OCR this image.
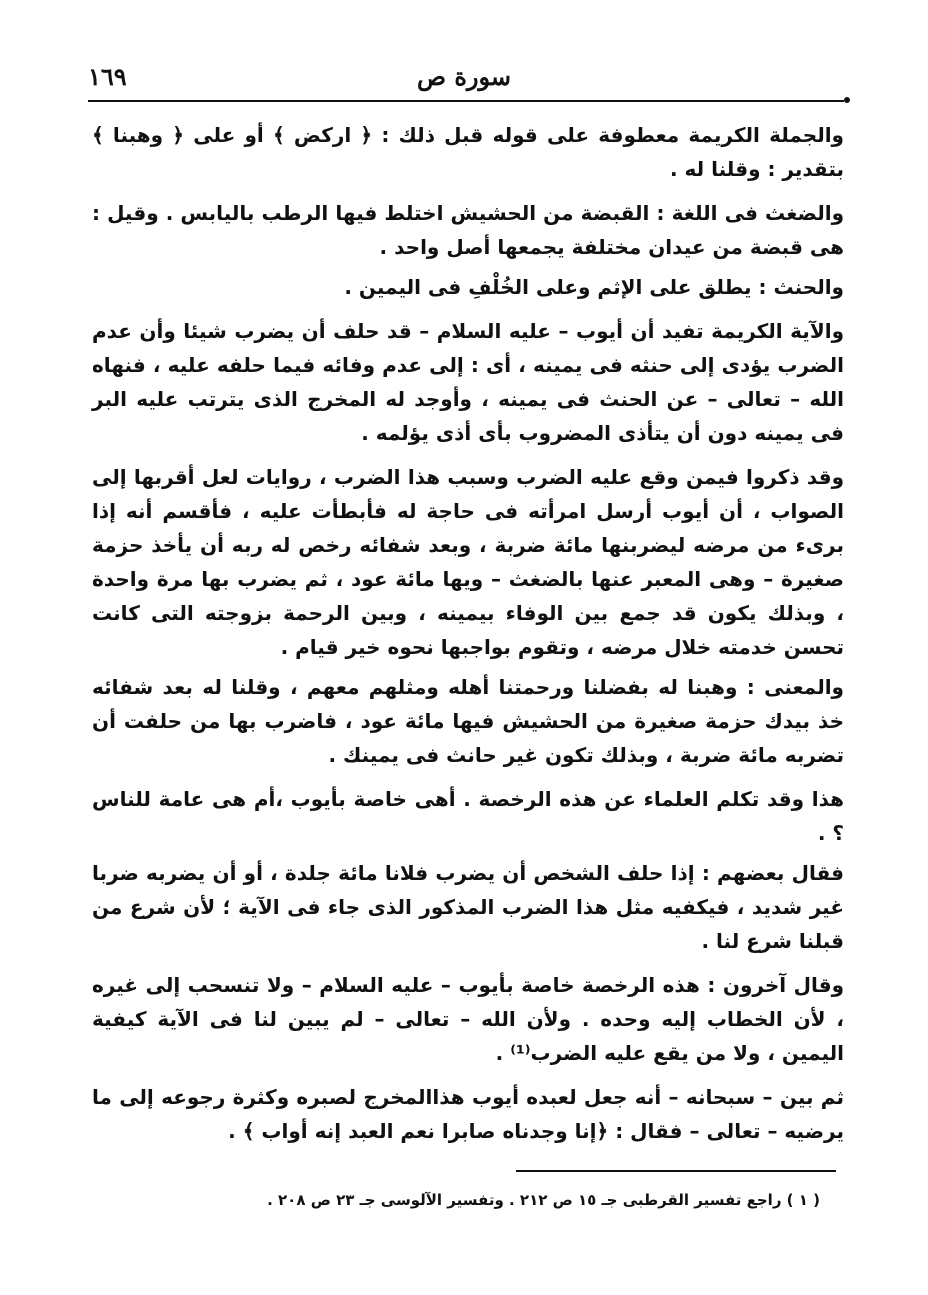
١٦٩	سورة ص

والجملة الكريمة معطوفة على قوله قبل ذلك : ﴿ اركض ﴾ أو على ﴿ وهبنا ﴾ بتقدير : وقلنا له .

والضغث فى اللغة : القبضة من الحشيش اختلط فيها الرطب باليابس . وقيل : هى قبضة من عيدان مختلفة يجمعها أصل واحد .

والحنث : يطلق على الإثم وعلى الخُلْفِ فى اليمين .

والآية الكريمة تفيد أن أيوب – عليه السلام – قد حلف أن يضرب شيئا وأن عدم الضرب يؤدى إلى حنثه فى يمينه ، أى : إلى عدم وفائه فيما حلفه عليه ، فنهاه الله – تعالى – عن الحنث فى يمينه ، وأوجد له المخرج الذى يترتب عليه البر فى يمينه دون أن يتأذى المضروب بأى أذى يؤلمه .

وقد ذكروا فيمن وقع عليه الضرب وسبب هذا الضرب ، روايات لعل أقربها إلى الصواب ، أن أيوب أرسل امرأته فى حاجة له فأبطأت عليه ، فأقسم أنه إذا برىء من مرضه ليضربنها مائة ضربة ، وبعد شفائه رخص له ربه أن يأخذ حزمة صغيرة – وهى المعبر عنها بالضغث – ويها مائة عود ، ثم يضرب بها مرة واحدة ، وبذلك يكون قد جمع بين الوفاء بيمينه ، وبين الرحمة بزوجته التى كانت تحسن خدمته خلال مرضه ، وتقوم بواجبها نحوه خير قيام .

والمعنى : وهبنا له بفضلنا ورحمتنا أهله ومثلهم معهم ، وقلنا له بعد شفائه خذ بيدك حزمة صغيرة من الحشيش فيها مائة عود ، فاضرب بها من حلفت أن تضربه مائة ضربة ، وبذلك تكون غير حانث فى يمينك .

هذا وقد تكلم العلماء عن هذه الرخصة . أهى خاصة بأيوب ،أم هى عامة للناس ؟ .

فقال بعضهم : إذا حلف الشخص أن يضرب فلانا مائة جلدة ، أو أن يضربه ضربا غير شديد ، فيكفيه مثل هذا الضرب المذكور الذى جاء فى الآية ؛ لأن شرع من قبلنا شرع لنا .

وقال آخرون : هذه الرخصة خاصة بأيوب – عليه السلام – ولا تنسحب إلى غيره ، لأن الخطاب إليه وحده . ولأن الله – تعالى – لم يبين لنا فى الآية كيفية اليمين ، ولا من يقع عليه الضرب⁽¹⁾ .

ثم بين – سبحانه – أنه جعل لعبده أيوب هذاالمخرج لصبره وكثرة رجوعه إلى ما يرضيه – تعالى – فقال : ﴿إنا وجدناه صابرا نعم العبد إنه أواب ﴾ .

( ١ ) راجع تفسير القرطبى جـ ١٥ ص ٢١٢ . وتفسير الآلوسى جـ ٢٣ ص ٢٠٨ .
